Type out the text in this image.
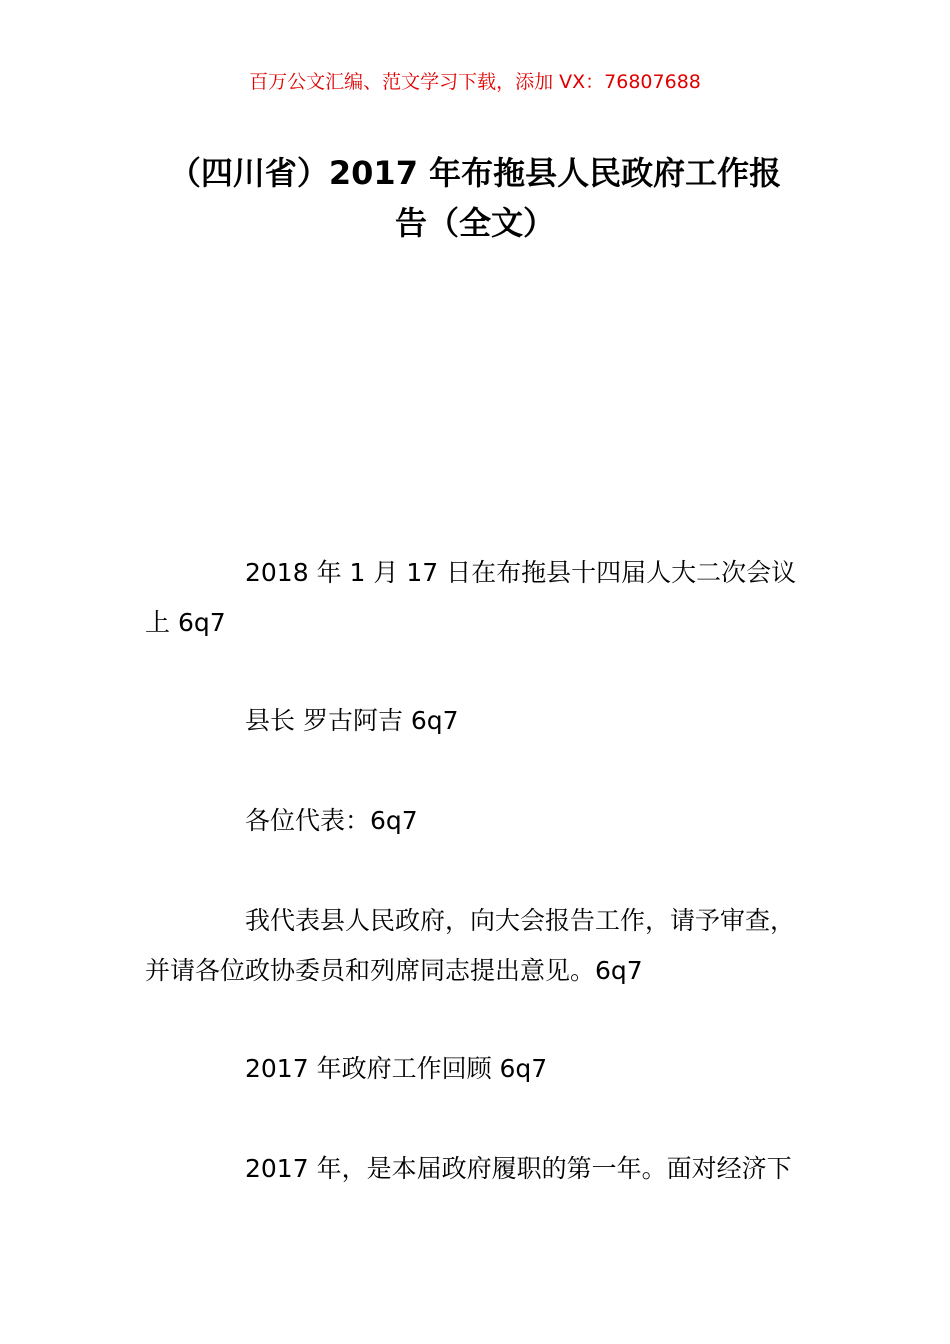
百万公文汇编、范文学习下载，添加 VX：76807688
（四川省）2017 年布拖县人民政府工作报
告（全文）
2018 年 1 月 17 日在布拖县十四届人大二次会议
上 6q7
县长 罗古阿吉 6q7
各位代表：6q7
我代表县人民政府，向大会报告工作，请予审查，
并请各位政协委员和列席同志提出意见。6q7
2017 年政府工作回顾 6q7
2017 年，是本届政府履职的第一年。面对经济下
